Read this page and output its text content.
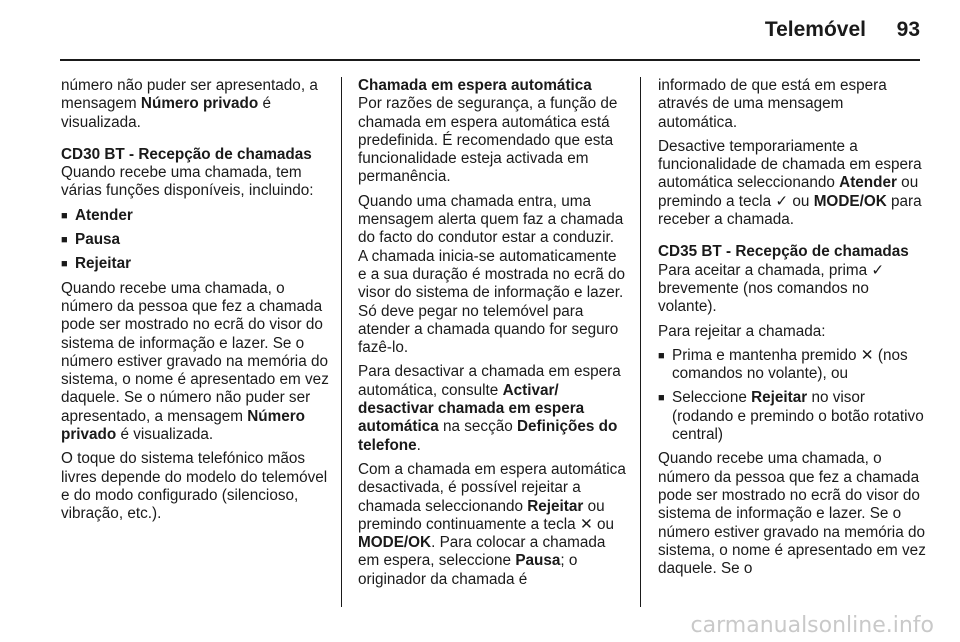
Telemóvel 93

número não puder ser apresentado, a mensagem Número privado é visualizada.

CD30 BT - Recepção de chamadas

Quando recebe uma chamada, tem várias funções disponíveis, incluindo:

■ Atender
■ Pausa
■ Rejeitar

Quando recebe uma chamada, o número da pessoa que fez a chamada pode ser mostrado no ecrã do visor do sistema de informação e lazer. Se o número estiver gravado na memória do sistema, o nome é apresentado em vez daquele. Se o número não puder ser apresentado, a mensagem Número privado é visualizada.

O toque do sistema telefónico mãos livres depende do modelo do telemóvel e do modo configurado (silencioso, vibração, etc.).

Chamada em espera automática

Por razões de segurança, a função de chamada em espera automática está predefinida. É recomendado que esta funcionalidade esteja activada em permanência.

Quando uma chamada entra, uma mensagem alerta quem faz a chamada do facto do condutor estar a conduzir. A chamada inicia-se automaticamente e a sua duração é mostrada no ecrã do visor do sistema de informação e lazer. Só deve pegar no telemóvel para atender a chamada quando for seguro fazê-lo.

Para desactivar a chamada em espera automática, consulte Activar/ desactivar chamada em espera automática na secção Definições do telefone.

Com a chamada em espera automática desactivada, é possível rejeitar a chamada seleccionando Rejeitar ou premindo continuamente a tecla ✕ ou MODE/OK. Para colocar a chamada em espera, seleccione Pausa; o originador da chamada é

informado de que está em espera através de uma mensagem automática.

Desactive temporariamente a funcionalidade de chamada em espera automática seleccionando Atender ou premindo a tecla ✓ ou MODE/OK para receber a chamada.

CD35 BT - Recepção de chamadas

Para aceitar a chamada, prima ✓ brevemente (nos comandos no volante).

Para rejeitar a chamada:

■ Prima e mantenha premido ✕ (nos comandos no volante), ou
■ Seleccione Rejeitar no visor (rodando e premindo o botão rotativo central)

Quando recebe uma chamada, o número da pessoa que fez a chamada pode ser mostrado no ecrã do visor do sistema de informação e lazer. Se o número estiver gravado na memória do sistema, o nome é apresentado em vez daquele. Se o

carmanualsonline.info
